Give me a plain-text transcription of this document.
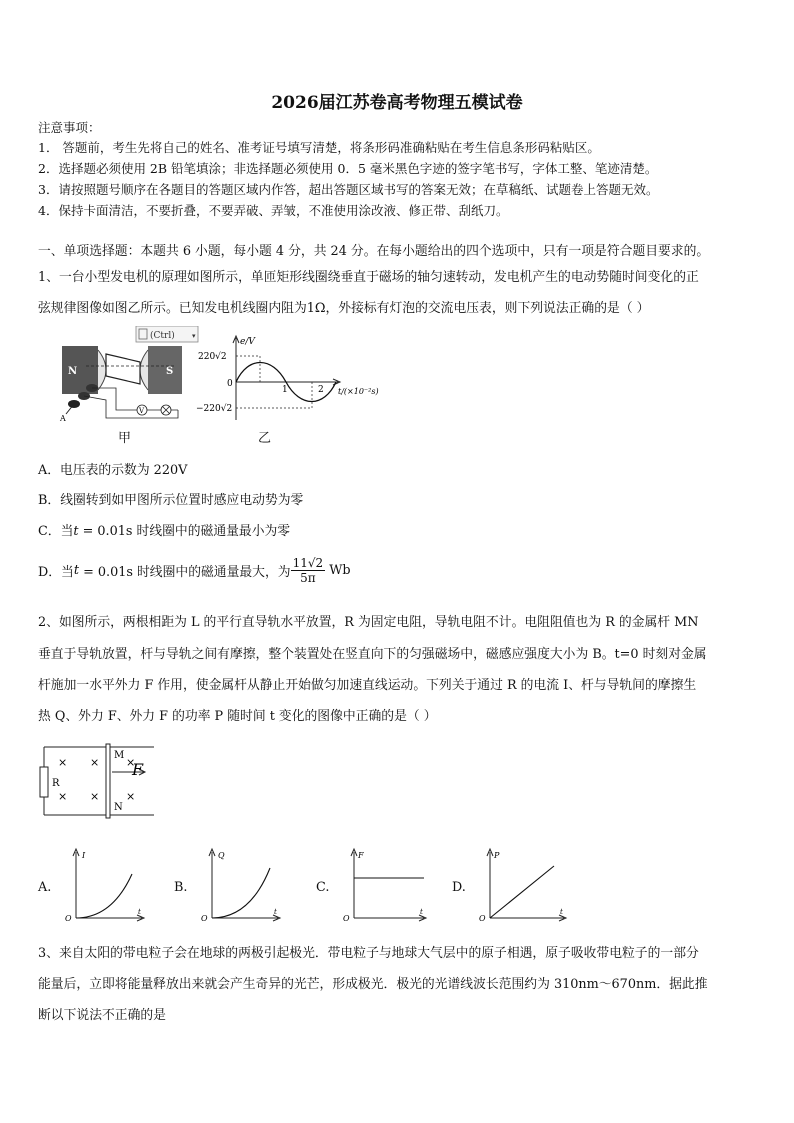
2026届江苏卷高考物理五模试卷
注意事项：
1． 答题前，考生先将自己的姓名、准考证号填写清楚，将条形码准确粘贴在考生信息条形码粘贴区。
2．选择题必须使用 2B 铅笔填涂；非选择题必须使用 0．5 毫米黑色字迹的签字笔书写，字体工整、笔迹清楚。
3．请按照题号顺序在各题目的答题区域内作答，超出答题区域书写的答案无效；在草稿纸、试题卷上答题无效。
4．保持卡面清洁，不要折叠，不要弄破、弄皱，不准使用涂改液、修正带、刮纸刀。
一、单项选择题：本题共 6 小题，每小题 4 分，共 24 分。在每小题给出的四个选项中，只有一项是符合题目要求的。
1、一台小型发电机的原理如图所示，单匝矩形线圈绕垂直于磁场的轴匀速转动，发电机产生的电动势随时间变化的正
弦规律图像如图乙所示。已知发电机线圈内阻为1Ω，外接标有灯泡的交流电压表，则下列说法正确的是（ ）
(Ctrl) ▾
N	S
A
V
甲
e/V
220√2
−220√2
0
1	2 t/(×10⁻²s)
乙
A．电压表的示数为 220V
B．线圈转到如甲图所示位置时感应电动势为零
C．当t = 0.01s 时线圈中的磁通量最小为零
D．当t = 0.01s 时线圈中的磁通量最大，为 $\frac{11√2}{5\pi}$ Wb
2、如图所示，两根相距为 L 的平行直导轨水平放置，R 为固定电阻，导轨电阻不计。电阻阻值也为 R 的金属杆 MN
垂直于导轨放置，杆与导轨之间有摩擦，整个装置处在竖直向下的匀强磁场中，磁感应强度大小为 B。t=0 时刻对金属
杆施加一水平外力 F 作用，使金属杆从静止开始做匀加速直线运动。下列关于通过 R 的电流 I、杆与导轨间的摩擦生
热 Q、外力 F、外力 F 的功率 P 随时间 t 变化的图像中正确的是（ ）
R
× ×
× ×
×
×
M
N
F
A.
I
t
O
B.
Q
t
O
C.
F
t
O
D.
P
t
O
3、来自太阳的带电粒子会在地球的两极引起极光．带电粒子与地球大气层中的原子相遇，原子吸收带电粒子的一部分
能量后，立即将能量释放出来就会产生奇异的光芒，形成极光．极光的光谱线波长范围约为 310nm～670nm．据此推
断以下说法不正确的是
